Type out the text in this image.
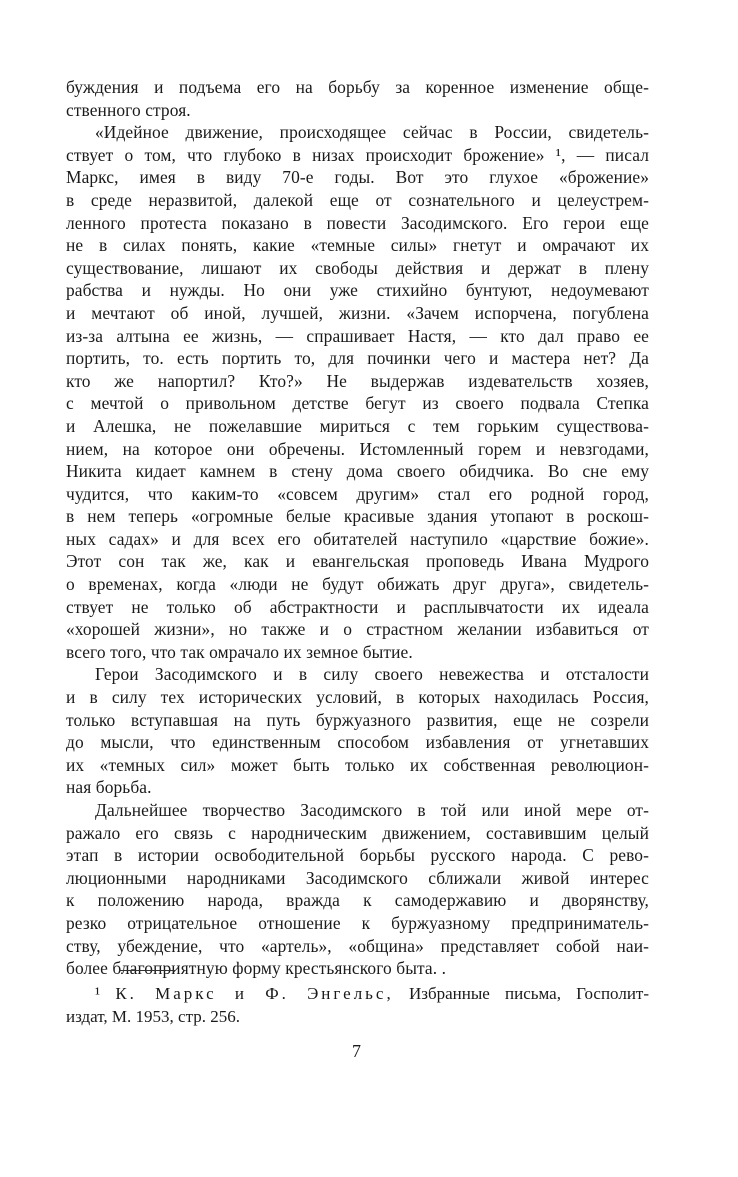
буждения и подъема его на борьбу за коренное изменение обще-
ственного строя.
«Идейное движение, происходящее сейчас в России, свидетель-
ствует о том, что глубоко в низах происходит брожение» ¹, — писал
Маркс, имея в виду 70-е годы. Вот это глухое «брожение»
в среде неразвитой, далекой еще от сознательного и целеустрем-
ленного протеста показано в повести Засодимского. Его герои еще
не в силах понять, какие «темные силы» гнетут и омрачают их
существование, лишают их свободы действия и держат в плену
рабства и нужды. Но они уже стихийно бунтуют, недоумевают
и мечтают об иной, лучшей, жизни. «Зачем испорчена, погублена
из-за алтына ее жизнь, — спрашивает Настя, — кто дал право ее
портить, то. есть портить то, для починки чего и мастера нет? Да
кто же напортил? Кто?» Не выдержав издевательств хозяев,
с мечтой о привольном детстве бегут из своего подвала Степка
и Алешка, не пожелавшие мириться с тем горьким существова-
нием, на которое они обречены. Истомленный горем и невзгодами,
Никита кидает камнем в стену дома своего обидчика. Во сне ему
чудится, что каким-то «совсем другим» стал его родной город,
в нем теперь «огромные белые красивые здания утопают в роскош-
ных садах» и для всех его обитателей наступило «царствие божие».
Этот сон так же, как и евангельская проповедь Ивана Мудрого
о временах, когда «люди не будут обижать друг друга», свидетель-
ствует не только об абстрактности и расплывчатости их идеала
«хорошей жизни», но также и о страстном желании избавиться от
всего того, что так омрачало их земное бытие.
Герои Засодимского и в силу своего невежества и отсталости
и в силу тех исторических условий, в которых находилась Россия,
только вступавшая на путь буржуазного развития, еще не созрели
до мысли, что единственным способом избавления от угнетавших
их «темных сил» может быть только их собственная революцион-
ная борьба.
Дальнейшее творчество Засодимского в той или иной мере от-
ражало его связь с народническим движением, составившим целый
этап в истории освободительной борьбы русского народа. С рево-
люционными народниками Засодимского сближали живой интерес
к положению народа, вражда к самодержавию и дворянству,
резко отрицательное отношение к буржуазному предприниматель-
ству, убеждение, что «артель», «община» представляет собой наи-
более благоприятную форму крестьянского быта. .
¹ К. Маркс и Ф. Энгельс, Избранные письма, Госполит-
издат, М. 1953, стр. 256.
7
